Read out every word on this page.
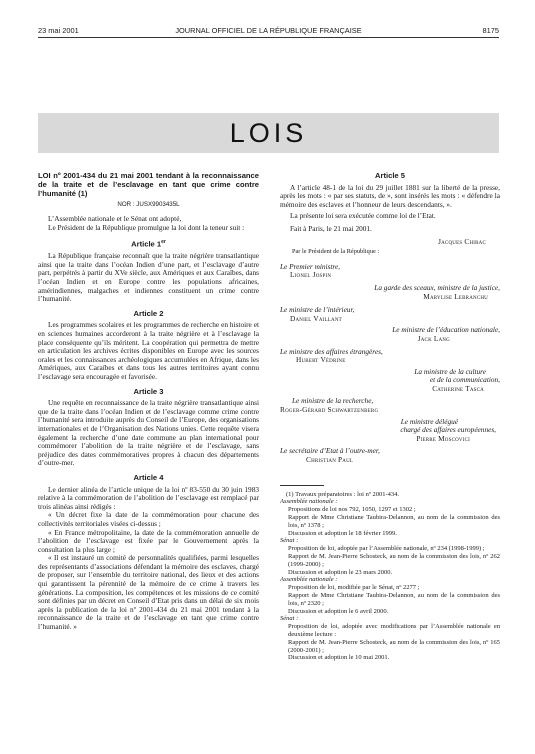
23 mai 2001	JOURNAL OFFICIEL DE LA RÉPUBLIQUE FRANÇAISE	8175
LOIS
LOI nº 2001-434 du 21 mai 2001 tendant à la reconnaissance de la traite et de l’esclavage en tant que crime contre l’humanité (1)
NOR : JUSX9903435L

L’Assemblée nationale et le Sénat ont adopté,

Le Président de la République promulgue la loi dont la teneur suit :

Article 1er

La République française reconnaît que la traite négrière transatlantique ainsi que la traite dans l’océan Indien d’une part, et l’esclavage d’autre part, perpétrés à partir du XVe siècle, aux Amériques et aux Caraïbes, dans l’océan Indien et en Europe contre les populations africaines, amérindiennes, malgaches et indiennes constituent un crime contre l’humanité.

Article 2

Les programmes scolaires et les programmes de recherche en histoire et en sciences humaines accorderont à la traite négrière et à l’esclavage la place conséquente qu’ils méritent. La coopération qui permettra de mettre en articulation les archives écrites disponibles en Europe avec les sources orales et les connaissances archéologiques accumulées en Afrique, dans les Amériques, aux Caraïbes et dans tous les autres territoires ayant connu l’esclavage sera encouragée et favorisée.

Article 3

Une requête en reconnaissance de la traite négrière transatlantique ainsi que de la traite dans l’océan Indien et de l’esclavage comme crime contre l’humanité sera introduite auprès du Conseil de l’Europe, des organisations internationales et de l’Organisation des Nations unies. Cette requête visera également la recherche d’une date commune au plan international pour commémorer l’abolition de la traite négrière et de l’esclavage, sans préjudice des dates commémoratives propres à chacun des départements d’outre-mer.

Article 4

Le dernier alinéa de l’article unique de la loi nº 83-550 du 30 juin 1983 relative à la commémoration de l’abolition de l’esclavage est remplacé par trois alinéas ainsi rédigés :

« Un décret fixe la date de la commémoration pour chacune des collectivités territoriales visées ci-dessus ;

« En France métropolitaine, la date de la commémoration annuelle de l’abolition de l’esclavage est fixée par le Gouvernement après la consultation la plus large ;

« Il est instauré un comité de personnalités qualifiées, parmi lesquelles des représentants d’associations défendant la mémoire des esclaves, chargé de proposer, sur l’ensemble du territoire national, des lieux et des actions qui garantissent la pérennité de la mémoire de ce crime à travers les générations. La composition, les compétences et les missions de ce comité sont définies par un décret en Conseil d’Etat pris dans un délai de six mois après la publication de la loi nº 2001-434 du 21 mai 2001 tendant à la reconnaissance de la traite et de l’esclavage en tant que crime contre l’humanité. »

Article 5

A l’article 48-1 de la loi du 29 juillet 1881 sur la liberté de la presse, après les mots : « par ses statuts, de », sont insérés les mots : « défendre la mémoire des esclaves et l’honneur de leurs descendants, ».

La présente loi sera exécutée comme loi de l’Etat.

Fait à Paris, le 21 mai 2001.

Jacques Chirac
Par le Président de la République :
Le Premier ministre,
Lionel Jospin
La garde des sceaux, ministre de la justice,
Marylise Lebranchu
Le ministre de l’intérieur,
Daniel Vaillant
Le ministre de l’éducation nationale,
Jack Lang
Le ministre des affaires étrangères,
Hubert Védrine
La ministre de la culture
et de la communication,
Catherine Tasca
Le ministre de la recherche,
Roger-Gérard Schwartzenberg
Le ministre délégué
chargé des affaires européennes,
Pierre Moscovici
Le secrétaire d’Etat à l’outre-mer,
Christian Paul
(1) Travaux préparatoires : loi nº 2001-434.
Assemblée nationale :
Propositions de loi nos 792, 1050, 1297 et 1302 ;
Rapport de Mme Christiane Taubira-Delannon, au nom de la commission des lois, nº 1378 ;
Discussion et adoption le 18 février 1999.
Sénat :
Proposition de loi, adoptée par l’Assemblée nationale, nº 234 (1998-1999) ;
Rapport de M. Jean-Pierre Schosteck, au nom de la commission des lois, nº 262 (1999-2000) ;
Discussion et adoption le 23 mars 2000.
Assemblée nationale :
Proposition de loi, modifiée par le Sénat, nº 2277 ;
Rapport de Mme Christiane Taubira-Delannon, au nom de la commission des lois, nº 2320 ;
Discussion et adoption le 6 avril 2000.
Sénat :
Proposition de loi, adoptée avec modifications par l’Assemblée nationale en deuxième lecture :
Rapport de M. Jean-Pierre Schosteck, au nom de la commission des lois, nº 165 (2000-2001) ;
Discussion et adoption le 10 mai 2001.
